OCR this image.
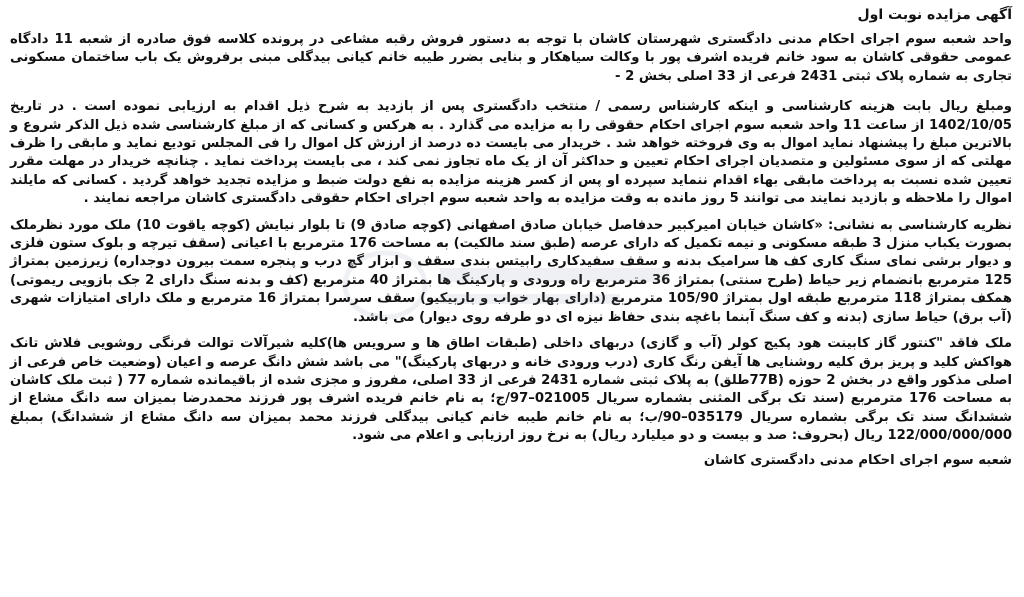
آگهی مزایده نوبت اول

واحد شعبه سوم اجرای احکام مدنی دادگستری شهرستان کاشان با توجه به دستور فروش رقبه مشاعی در پرونده کلاسه فوق صادره از شعبه 11 دادگاه عمومی حقوقی کاشان به سود خانم فریده اشرف پور با وکالت سیاهکار و بنایی بضرر طیبه خانم کیانی بیدگلی مبنی برفروش یک باب ساختمان مسکونی تجاری به شماره پلاک ثبتی 2431 فرعی از 33 اصلی بخش 2 -

ومبلغ ریال بابت هزینه کارشناسی و اینکه کارشناس رسمی / منتخب دادگستری پس از بازدید به شرح ذیل اقدام به ارزیابی نموده است . در تاریخ 1402/10/05 از ساعت 11 واحد شعبه سوم اجرای احکام حقوقی را به مزایده می گذارد . به هرکس و کسانی که از مبلغ کارشناسی شده ذیل الذکر شروع و بالاترین مبلغ را پیشنهاد نماید اموال به وی فروخته خواهد شد . خریدار می بایست ده درصد از ارزش کل اموال را فی المجلس تودیع نماید و مابقی را ظرف مهلتی که از سوی مسئولین و متصدیان اجرای احکام تعیین و حداکثر آن از یک ماه تجاوز نمی کند ، می بایست پرداخت نماید . چنانچه خریدار در مهلت مقرر تعیین شده نسبت به پرداخت مابقی بهاء اقدام ننماید سپرده او پس از کسر هزینه مزایده به نفع دولت ضبط و مزایده تجدید خواهد گردید . کسانی که مایلند اموال را ملاحظه و بازدید نمایند می توانند 5 روز مانده به وقت مزایده به واحد شعبه سوم اجرای احکام حقوقی دادگستری کاشان مراجعه نمایند .

نظریه کارشناسی به نشانی: «کاشان خیابان امیرکبیر حدفاصل خیابان صادق اصفهانی (کوچه صادق 9) تا بلوار نیایش (کوچه یاقوت 10) ملک مورد نظرملک بصورت یکباب منزل 3 طبقه مسکونی و نیمه تکمیل که دارای عرصه (طبق سند مالکیت) به مساحت 176 مترمربع با اعیانی (سقف تیرچه و بلوک ستون فلزی و دیوار برشی نمای سنگ کاری کف ها سرامیک بدنه و سقف سفیدکاری رابیتس بندی سقف و ابزار گچ درب و پنجره سمت بیرون دوجداره) زیرزمین بمتراژ 125 مترمربع بانضمام زیر حیاط (طرح سنتی) بمتراژ 36 مترمربع راه ورودی و پارکینگ ها بمتراژ 40 مترمربع (کف و بدنه سنگ دارای 2 جک بازویی ریموتی) همکف بمتراژ 118 مترمربع طبقه اول بمتراژ 105/90 مترمربع (دارای بهار خواب و باربیکیو) سقف سرسرا بمتراژ 16 مترمربع و ملک دارای امتیازات شهری (آب برق) حیاط سازی (بدنه و کف سنگ آبنما باغچه بندی حفاظ نیزه ای دو طرفه روی دیوار) می باشد.

ملک فاقد "کنتور گاز کابینت هود پکیج کولر (آب و گازی) دربهای داخلی (طبقات اطاق ها و سرویس ها)کلیه شیرآلات توالت فرنگی روشویی فلاش تانک هواکش کلید و پریز برق کلیه روشنایی ها آیفن رنگ کاری (درب ورودی خانه و دربهای پارکینگ)" می باشد شش دانگ عرصه و اعیان (وضعیت خاص فرعی از اصلی مذکور واقع در بخش 2 حوزه (77Bطلق) به پلاک ثبتی شماره 2431 فرعی از 33 اصلی، مفروز و مجزی شده از باقیمانده شماره 77 ( ثبت ملک کاشان به مساحت 176 مترمربع (سند تک برگی المثنی بشماره سریال 021005–97/ج؛ به نام خانم فریده اشرف پور فرزند محمدرضا بمیزان سه دانگ مشاع از ششدانگ سند تک برگی بشماره سریال 035179–90/ب؛ به نام خانم طیبه خانم کیانی بیدگلی فرزند محمد بمیزان سه دانگ مشاع از ششدانگ) بمبلغ 122/000/000/000 ریال (بحروف: صد و بیست و دو میلیارد ریال) به نرخ روز ارزیابی و اعلام می شود.

شعبه سوم اجرای احکام مدنی دادگستری کاشان
